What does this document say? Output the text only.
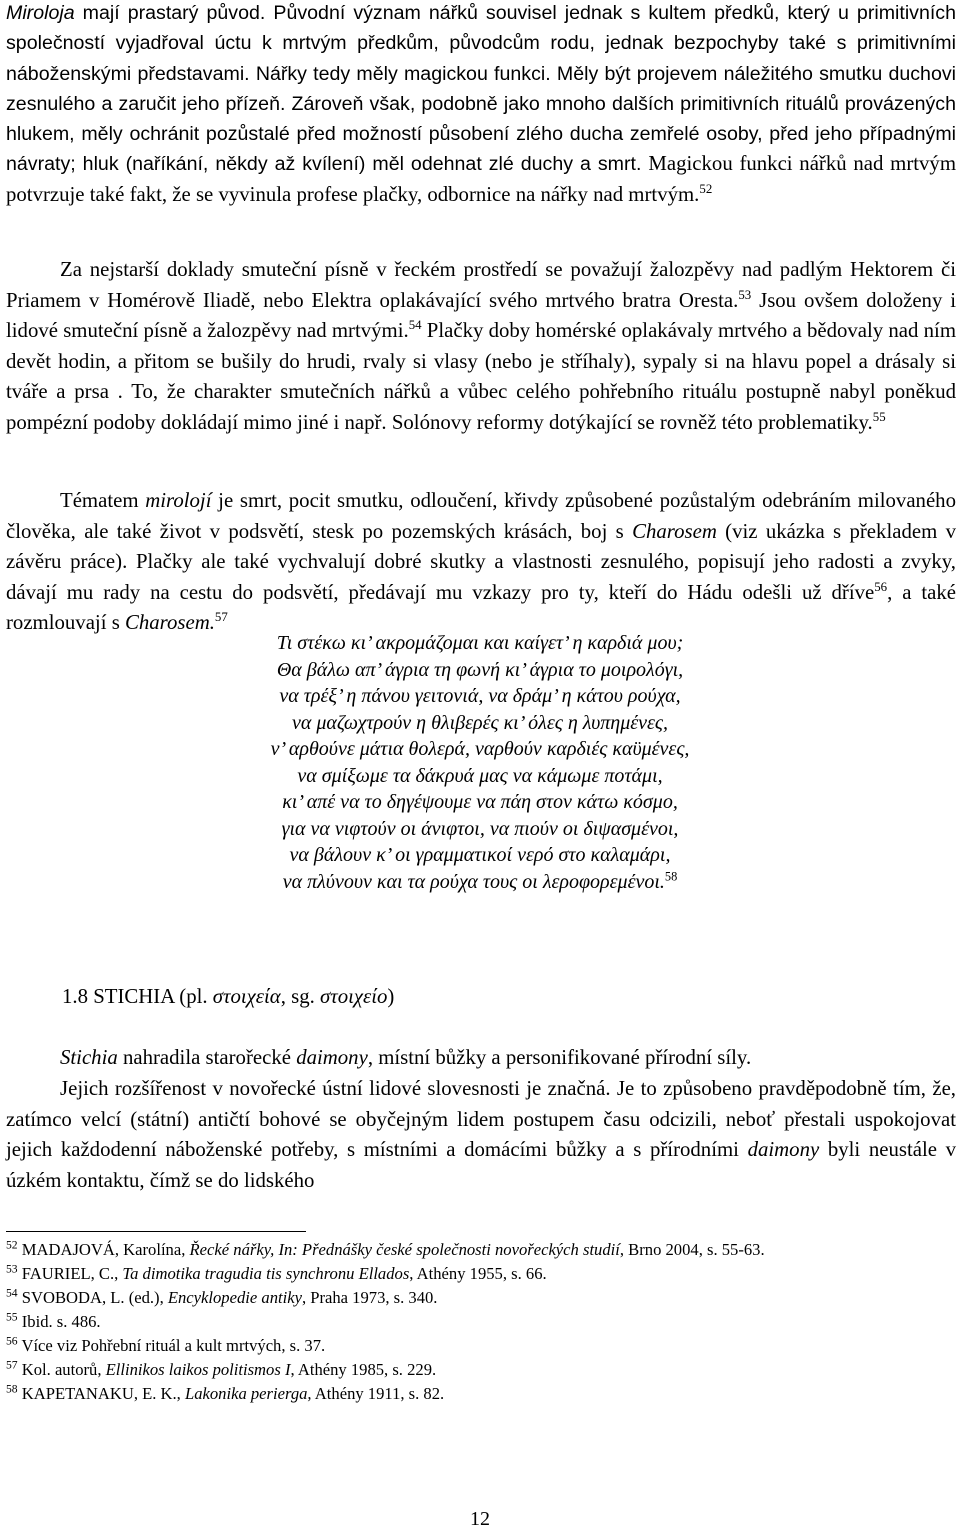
Miroloja mají prastarý původ. Původní význam nářků souvisel jednak s kultem předků, který u primitivních společností vyjadřoval úctu k mrtvým předkům, původcům rodu, jednak bezpochyby také s primitivními náboženskými představami. Nářky tedy měly magickou funkci. Měly být projevem náležitého smutku duchovi zesnulého a zaručit jeho přízeň. Zároveň však, podobně jako mnoho dalších primitivních rituálů provázených hlukem, měly ochránit pozůstalé před možností působení zlého ducha zemřelé osoby, před jeho případnými návraty; hluk (naříkání, někdy až kvílení) měl odehnat zlé duchy a smrt. Magickou funkci nářků nad mrtvým potvrzuje také fakt, že se vyvinula profese plačky, odbornice na nářky nad mrtvým.$^{52}$
Za nejstarší doklady smuteční písně v řeckém prostředí se považují žalozpěvy nad padlým Hektorem či Priamem v Homérově Iliadě, nebo Elektra oplakávající svého mrtvého bratra Oresta.$^{53}$ Jsou ovšem doloženy i lidové smuteční písně a žalozpěvy nad mrtvými.$^{54}$ Plačky doby homérské oplakávaly mrtvého a bědovaly nad ním devět hodin, a přitom se bušily do hrudi, rvaly si vlasy (nebo je stříhaly), sypaly si na hlavu popel a drásaly si tváře a prsa . To, že charakter smutečních nářků a vůbec celého pohřebního rituálu postupně nabyl poněkud pompézní podoby dokládají mimo jiné i např. Solónovy reformy dotýkající se rovněž této problematiky.$^{55}$
Tématem mirolojí je smrt, pocit smutku, odloučení, křivdy způsobené pozůstalým odebráním milovaného člověka, ale také život v podsvětí, stesk po pozemských krásách, boj s Charosem (viz ukázka s překladem v závěru práce). Plačky ale také vychvalují dobré skutky a vlastnosti zesnulého, popisují jeho radosti a zvyky, dávají mu rady na cestu do podsvětí, předávají mu vzkazy pro ty, kteří do Hádu odešli už dříve$^{56}$, a také rozmlouvají s Charosem.$^{57}$
Τι στέκω κι’ ακρομάζομαι και καίγετ’ η καρδιά μου;
Θα βάλω απ’ άγρια τη φωνή κι’ άγρια το μοιρολόγι,
να τρέξ’ η πάνου γειτονιά, να δράμ’ η κάτου ρούχα,
να μαζωχτρούν η θλιβερές κι’ όλες η λυπημένες,
ν’ αρθούνε μάτια θολερά, ναρθούν καρδιές καϋμένες,
να σμίξωμε τα δάκρυά μας να κάμωμε ποτάμι,
κι’ απέ να το δηγέψουμε να πάη στον κάτω κόσμο,
για να νιφτούν οι άνιφτοι, να πιούν οι διψασμένοι,
να βάλουν κ’ οι γραμματικοί νερό στο καλαμάρι,
να πλύνουν και τα ρούχα τους οι λεροφορεμένοι.$^{58}$
1.8 STICHIA (pl. στοιχεία, sg. στοιχείο)
Stichia nahradila starořecké daimony, místní bůžky a personifikované přírodní síly.
Jejich rozšířenost v novořecké ústní lidové slovesnosti je značná. Je to způsobeno pravděpodobně tím, že, zatímco velcí (státní) antičtí bohové se obyčejným lidem postupem času odcizili, neboť přestali uspokojovat jejich každodenní náboženské potřeby, s místními a domácími bůžky a s přírodními daimony byli neustále v úzkém kontaktu, čímž se do lidského
$^{52}$ MADAJOVÁ, Karolína, Řecké nářky, In: Přednášky české společnosti novořeckých studií, Brno 2004, s. 55-63.
$^{53}$ FAURIEL, C., Ta dimotika tragudia tis synchronu Ellados, Athény 1955, s. 66.
$^{54}$ SVOBODA, L. (ed.), Encyklopedie antiky, Praha 1973, s. 340.
$^{55}$ Ibid. s. 486.
$^{56}$ Více viz Pohřební rituál a kult mrtvých, s. 37.
$^{57}$ Kol. autorů, Ellinikos laikos politismos I, Athény 1985, s. 229.
$^{58}$ KAPETANAKU, E. K., Lakonika perierga, Athény 1911, s. 82.
12
